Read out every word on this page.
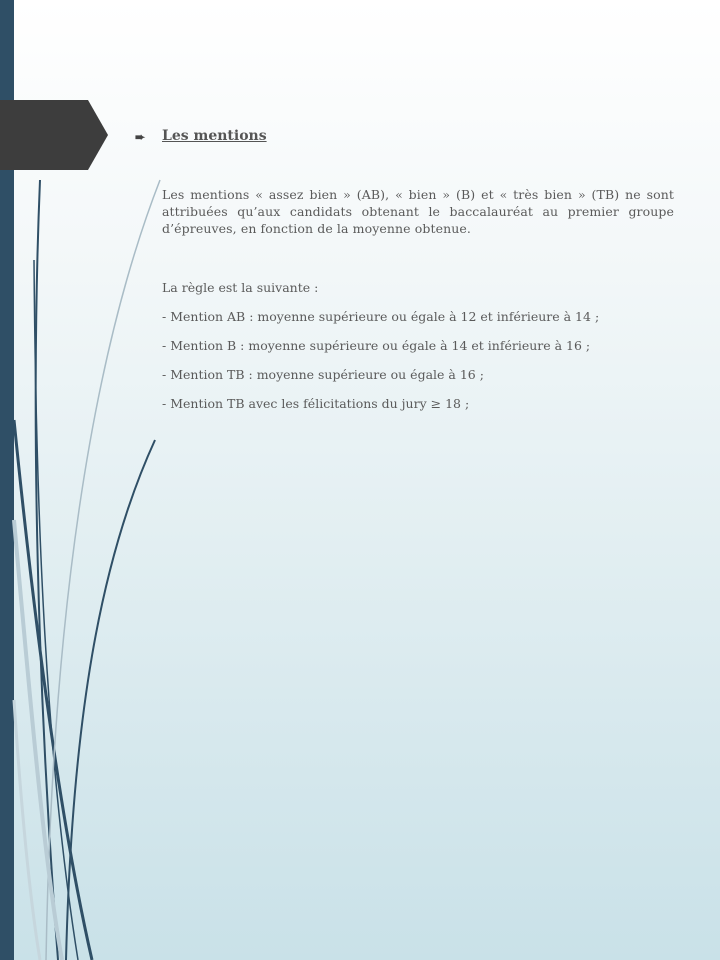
➨ Les mentions

Les mentions « assez bien » (AB), « bien » (B) et « très bien » (TB) ne sont attribuées qu’aux candidats obtenant le baccalauréat au premier groupe d’épreuves, en fonction de la moyenne obtenue.

La règle est la suivante :

- Mention AB : moyenne supérieure ou égale à 12 et inférieure à 14 ;
- Mention B : moyenne supérieure ou égale à 14 et inférieure à 16 ;
- Mention TB : moyenne supérieure ou égale à 16 ;
- Mention TB avec les félicitations du jury ≥ 18 ;
